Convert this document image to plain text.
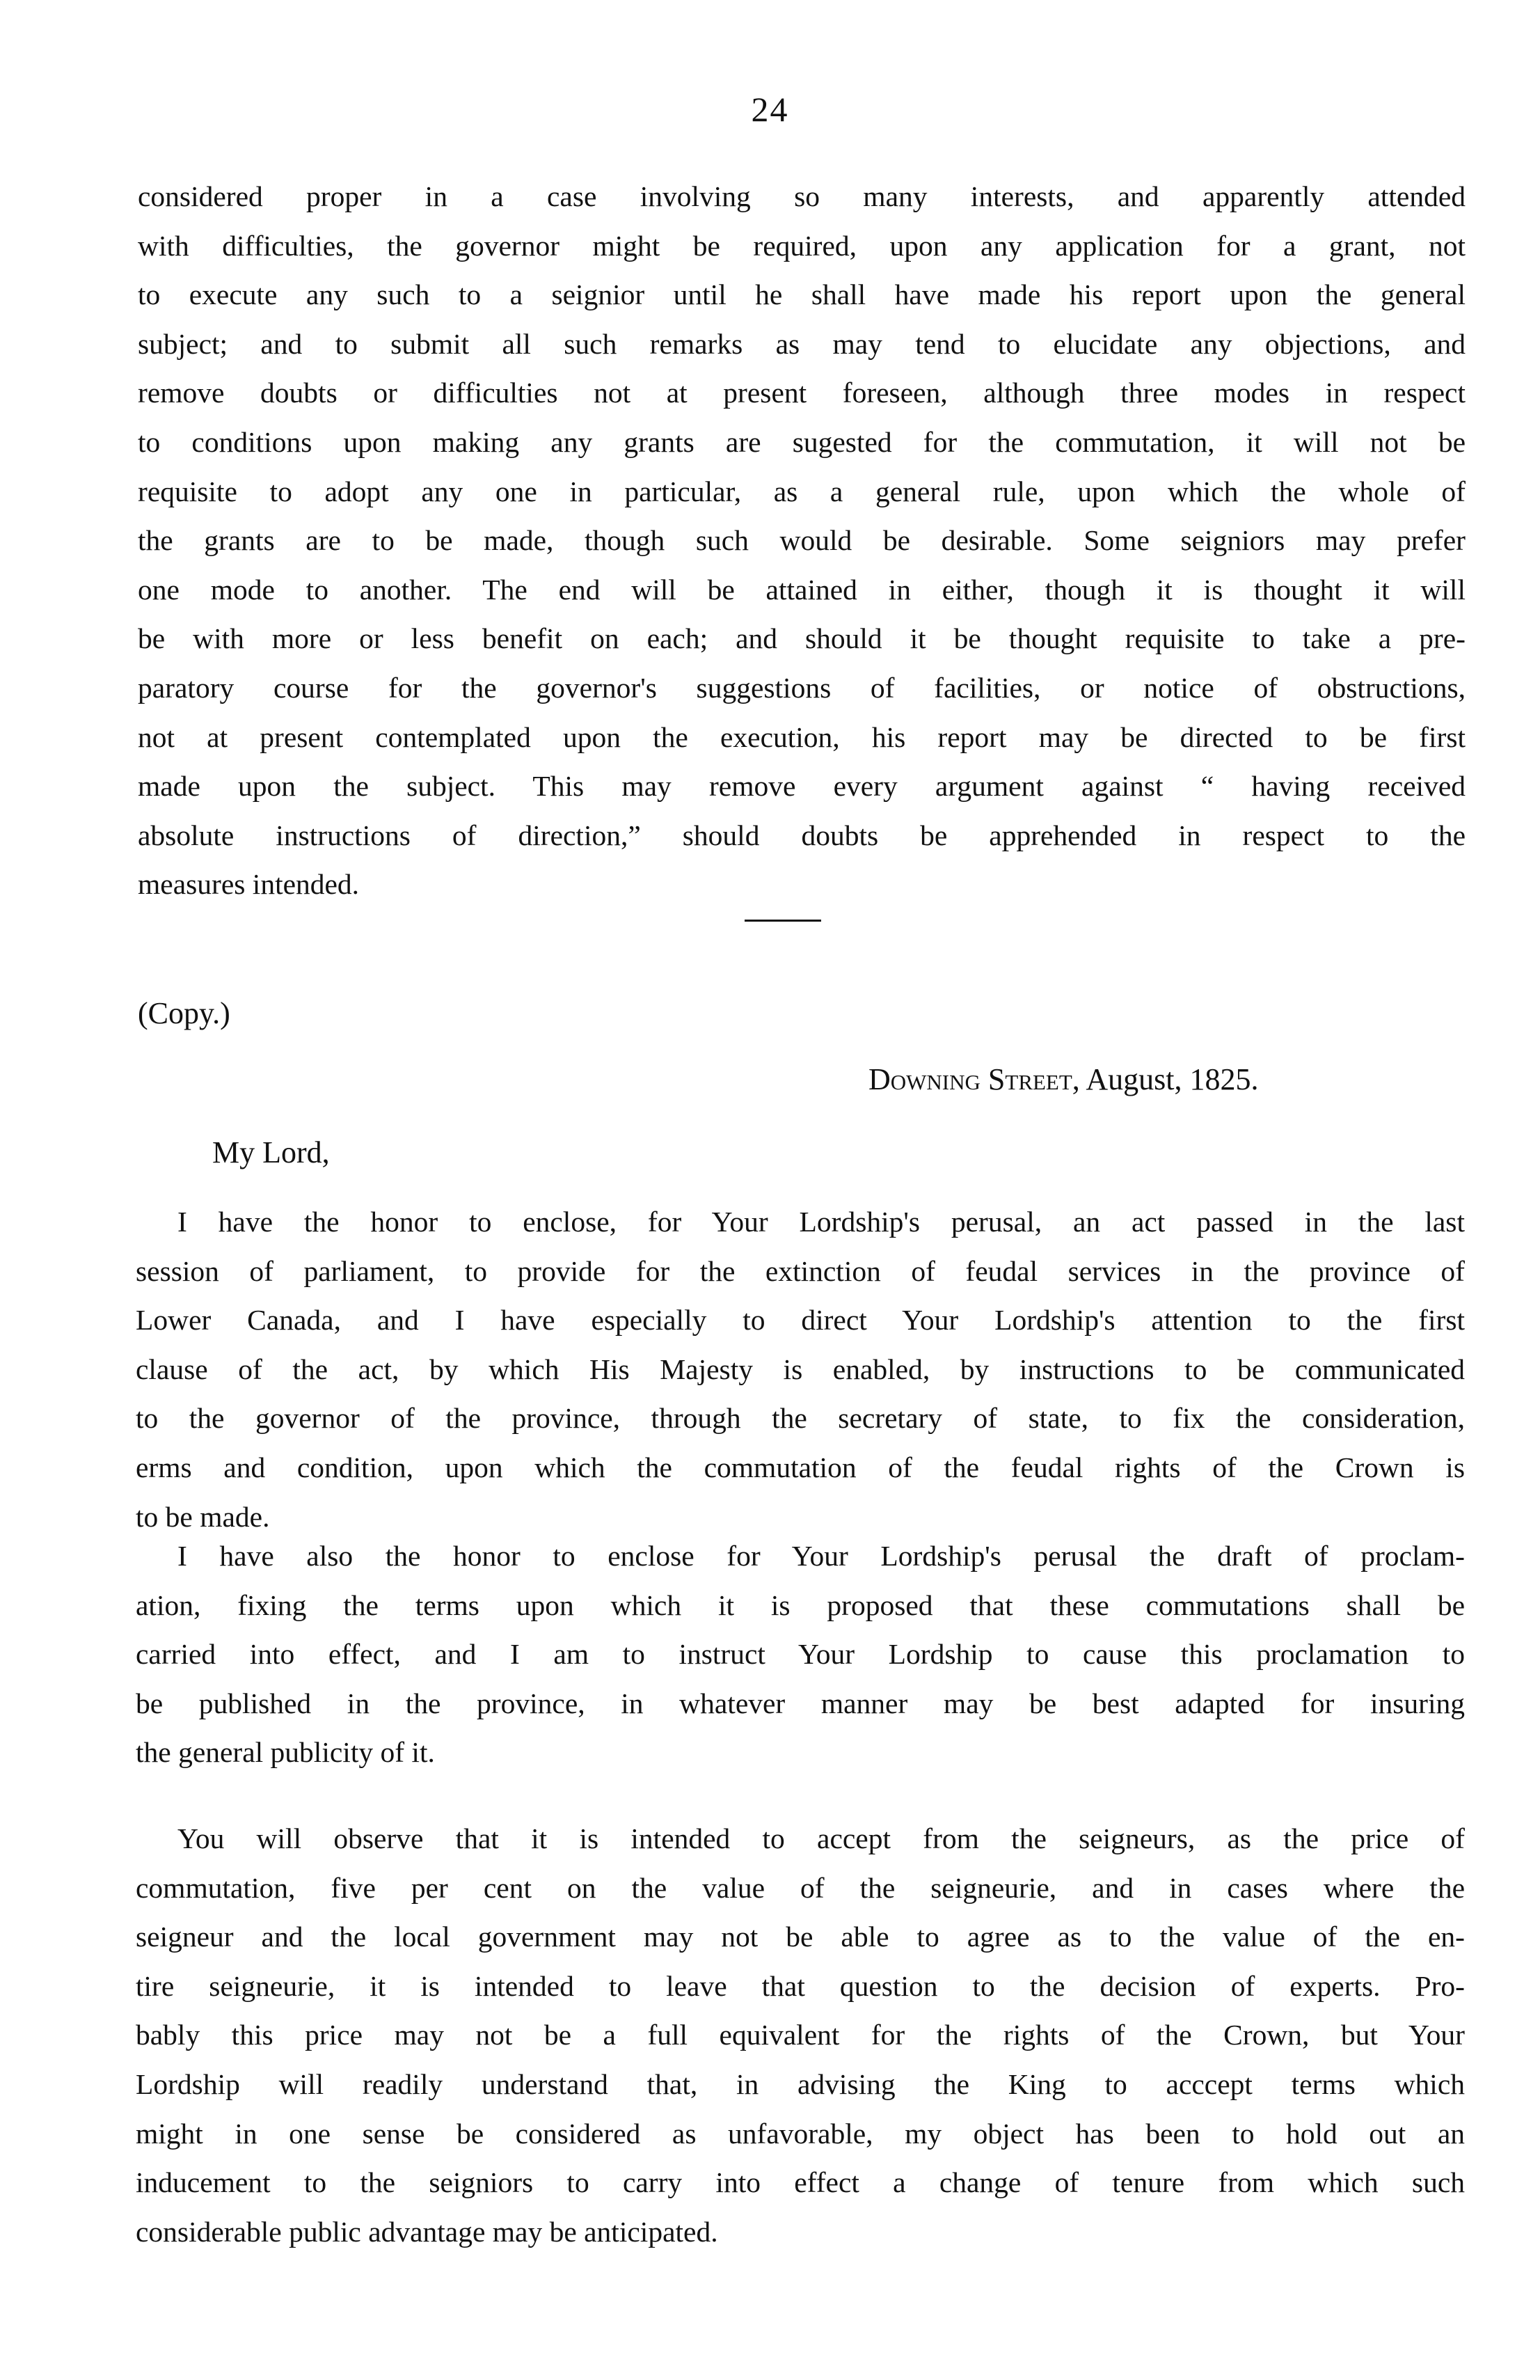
24
considered proper in a case involving so many interests, and apparently attended
with difficulties, the governor might be required, upon any application for a grant, not
to execute any such to a seignior until he shall have made his report upon the general
subject; and to submit all such remarks as may tend to elucidate any objections, and
remove doubts or difficulties not at present foreseen, although three modes in respect
to conditions upon making any grants are sugested for the commutation, it will not be
requisite to adopt any one in particular, as a general rule, upon which the whole of
the grants are to be made, though such would be desirable. Some seigniors may prefer
one mode to another. The end will be attained in either, though it is thought it will
be with more or less benefit on each; and should it be thought requisite to take a pre-
paratory course for the governor's suggestions of facilities, or notice of obstructions,
not at present contemplated upon the execution, his report may be directed to be first
made upon the subject. This may remove every argument against “ having received
absolute instructions of direction,” should doubts be apprehended in respect to the
measures intended.
(Copy.)
Downing Street, August, 1825.
My Lord,
I have the honor to enclose, for Your Lordship's perusal, an act passed in the last
session of parliament, to provide for the extinction of feudal services in the province of
Lower Canada, and I have especially to direct Your Lordship's attention to the first
clause of the act, by which His Majesty is enabled, by instructions to be communicated
to the governor of the province, through the secretary of state, to fix the consideration,
erms and condition, upon which the commutation of the feudal rights of the Crown is
to be made.
I have also the honor to enclose for Your Lordship's perusal the draft of proclam-
ation, fixing the terms upon which it is proposed that these commutations shall be
carried into effect, and I am to instruct Your Lordship to cause this proclamation to
be published in the province, in whatever manner may be best adapted for insuring
the general publicity of it.
You will observe that it is intended to accept from the seigneurs, as the price of
commutation, five per cent on the value of the seigneurie, and in cases where the
seigneur and the local government may not be able to agree as to the value of the en-
tire seigneurie, it is intended to leave that question to the decision of experts. Pro-
bably this price may not be a full equivalent for the rights of the Crown, but Your
Lordship will readily understand that, in advising the King to acccept terms which
might in one sense be considered as unfavorable, my object has been to hold out an
inducement to the seigniors to carry into effect a change of tenure from which such
considerable public advantage may be anticipated.
